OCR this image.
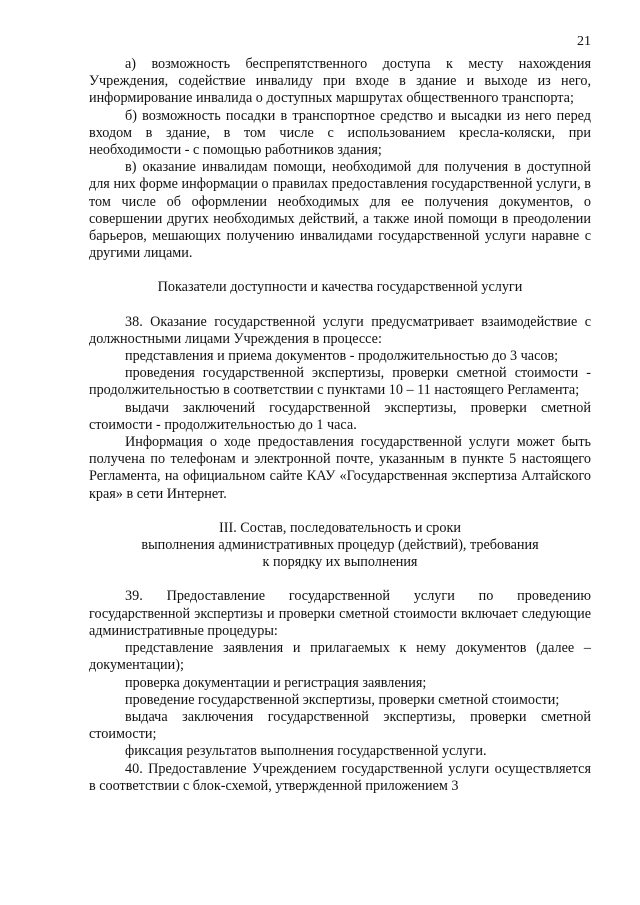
21

а) возможность беспрепятственного доступа к месту нахождения Учреждения, содействие инвалиду при входе в здание и выходе из него, информирование инвалида о доступных маршрутах общественного транспорта;

б) возможность посадки в транспортное средство и высадки из него перед входом в здание, в том числе с использованием кресла-коляски, при необходимости - с помощью работников здания;

в) оказание инвалидам помощи, необходимой для получения в доступной для них форме информации о правилах предоставления государственной услуги, в том числе об оформлении необходимых для ее получения документов, о совершении других необходимых действий, а также иной помощи в преодолении барьеров, мешающих получению инвалидами государственной услуги наравне с другими лицами.

Показатели доступности и качества государственной услуги

38. Оказание государственной услуги предусматривает взаимодействие с должностными лицами Учреждения в процессе:

представления и приема документов - продолжительностью до 3 часов;

проведения государственной экспертизы, проверки сметной стоимости - продолжительностью в соответствии с пунктами 10 – 11 настоящего Регламента;

выдачи заключений государственной экспертизы, проверки сметной стоимости - продолжительностью до 1 часа.

Информация о ходе предоставления государственной услуги может быть получена по телефонам и электронной почте, указанным в пункте 5 настоящего Регламента, на официальном сайте КАУ «Государственная экспертиза Алтайского края» в сети Интернет.

III. Состав, последовательность и сроки
выполнения административных процедур (действий), требования
к порядку их выполнения

39. Предоставление государственной услуги по проведению государственной экспертизы и проверки сметной стоимости включает следующие административные процедуры:

представление заявления и прилагаемых к нему документов (далее – документации);

проверка документации и регистрация заявления;

проведение государственной экспертизы, проверки сметной стоимости;

выдача заключения государственной экспертизы, проверки сметной стоимости;

фиксация результатов выполнения государственной услуги.

40. Предоставление Учреждением государственной услуги осуществляется в соответствии с блок-схемой, утвержденной приложением 3
